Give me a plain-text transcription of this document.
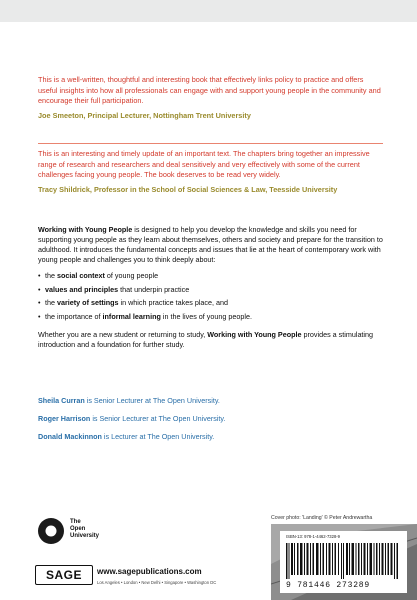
This is a well-written, thoughtful and interesting book that effectively links policy to practice and offers useful insights into how all professionals can engage with and support young people in the community and encourage their full participation.

Joe Smeeton, Principal Lecturer, Nottingham Trent University

This is an interesting and timely update of an important text. The chapters bring together an impressive range of research and researchers and deal sensitively and very effectively with some of the current challenges facing young people. The book deserves to be read very widely.

Tracy Shildrick, Professor in the School of Social Sciences & Law, Teesside University

Working with Young People is designed to help you develop the knowledge and skills you need for supporting young people as they learn about themselves, others and society and prepare for the transition to adulthood. It introduces the fundamental concepts and issues that lie at the heart of contemporary work with young people and challenges you to think deeply about:

• the social context of young people
• values and principles that underpin practice
• the variety of settings in which practice takes place, and
• the importance of informal learning in the lives of young people.

Whether you are a new student or returning to study, Working with Young People provides a stimulating introduction and a foundation for further study.

Sheila Curran is Senior Lecturer at The Open University.
Roger Harrison is Senior Lecturer at The Open University.
Donald Mackinnon is Lecturer at The Open University.
The
Open
University
SAGE	www.sagepublications.com
Los Angeles • London • New Delhi • Singapore • Washington DC
Cover photo: 'Landing' © Peter Andrewartha
ISBN-13: 978-1-4462-7328-9
9 781446 273289
